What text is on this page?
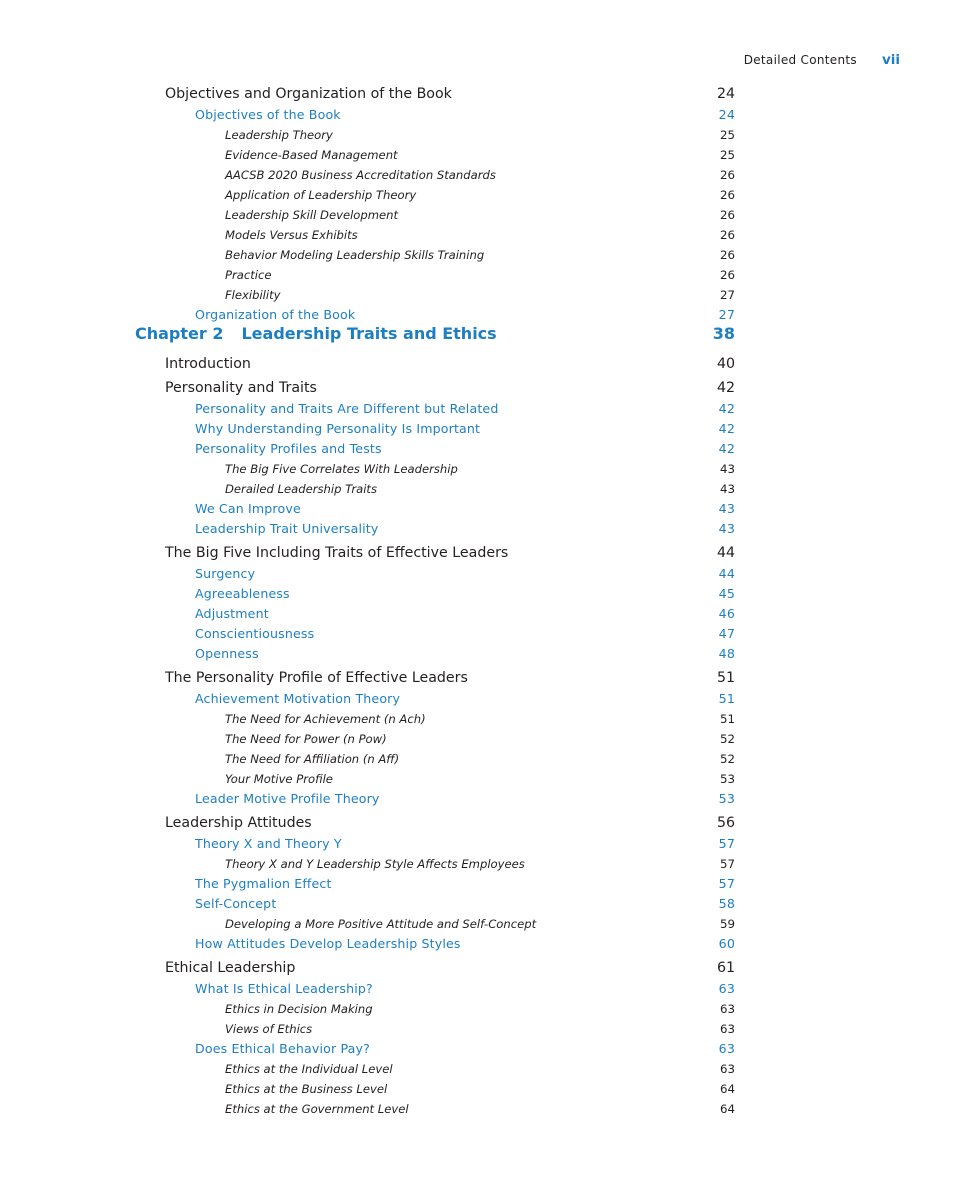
Detailed Contents vii
Objectives and Organization of the Book	24
Objectives of the Book	24
Leadership Theory	25
Evidence-Based Management	25
AACSB 2020 Business Accreditation Standards	26
Application of Leadership Theory	26
Leadership Skill Development	26
Models Versus Exhibits	26
Behavior Modeling Leadership Skills Training	26
Practice	26
Flexibility	27
Organization of the Book	27
Chapter 2 Leadership Traits and Ethics	38
Introduction	40
Personality and Traits	42
Personality and Traits Are Different but Related	42
Why Understanding Personality Is Important	42
Personality Profiles and Tests	42
The Big Five Correlates With Leadership	43
Derailed Leadership Traits	43
We Can Improve	43
Leadership Trait Universality	43
The Big Five Including Traits of Effective Leaders	44
Surgency	44
Agreeableness	45
Adjustment	46
Conscientiousness	47
Openness	48
The Personality Profile of Effective Leaders	51
Achievement Motivation Theory	51
The Need for Achievement (n Ach)	51
The Need for Power (n Pow)	52
The Need for Affiliation (n Aff)	52
Your Motive Profile	53
Leader Motive Profile Theory	53
Leadership Attitudes	56
Theory X and Theory Y	57
Theory X and Y Leadership Style Affects Employees	57
The Pygmalion Effect	57
Self-Concept	58
Developing a More Positive Attitude and Self-Concept	59
How Attitudes Develop Leadership Styles	60
Ethical Leadership	61
What Is Ethical Leadership?	63
Ethics in Decision Making	63
Views of Ethics	63
Does Ethical Behavior Pay?	63
Ethics at the Individual Level	63
Ethics at the Business Level	64
Ethics at the Government Level	64
